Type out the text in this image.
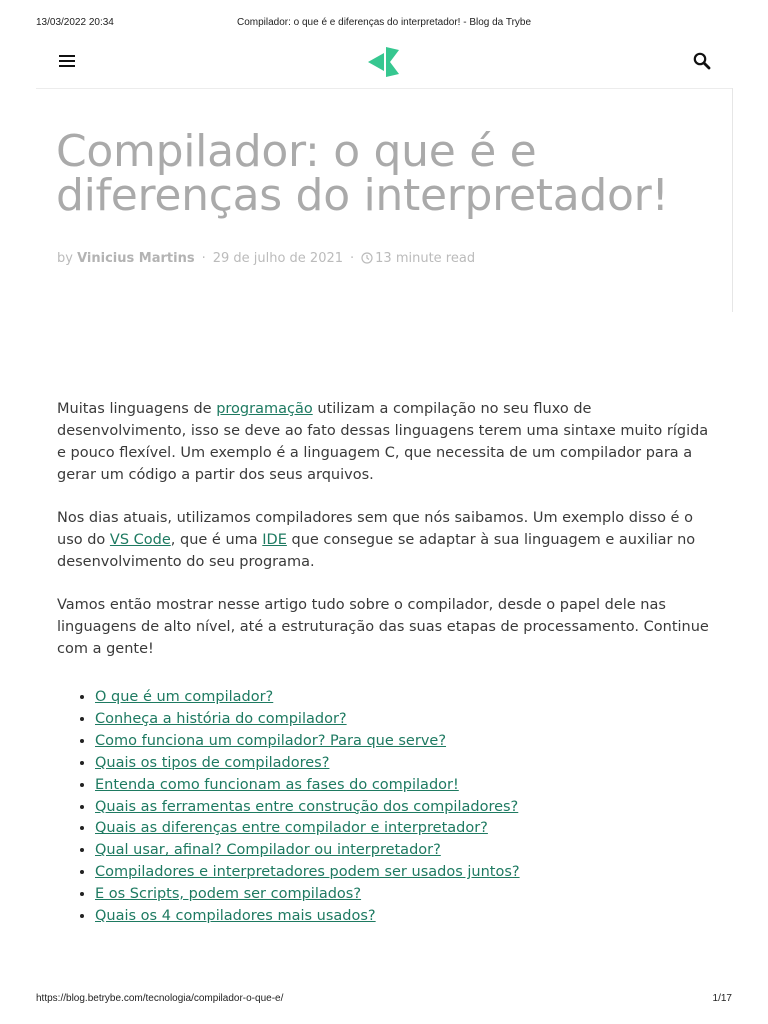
13/03/2022 20:34	Compilador: o que é e diferenças do interpretador! - Blog da Trybe
Compilador: o que é e diferenças do interpretador!
by Vinicius Martins · 29 de julho de 2021 · 13 minute read

Muitas linguagens de programação utilizam a compilação no seu fluxo de desenvolvimento, isso se deve ao fato dessas linguagens terem uma sintaxe muito rígida e pouco flexível. Um exemplo é a linguagem C, que necessita de um compilador para a gerar um código a partir dos seus arquivos.

Nos dias atuais, utilizamos compiladores sem que nós saibamos. Um exemplo disso é o uso do VS Code, que é uma IDE que consegue se adaptar à sua linguagem e auxiliar no desenvolvimento do seu programa.

Vamos então mostrar nesse artigo tudo sobre o compilador, desde o papel dele nas linguagens de alto nível, até a estruturação das suas etapas de processamento. Continue com a gente!

• O que é um compilador?
• Conheça a história do compilador?
• Como funciona um compilador? Para que serve?
• Quais os tipos de compiladores?
• Entenda como funcionam as fases do compilador!
• Quais as ferramentas entre construção dos compiladores?
• Quais as diferenças entre compilador e interpretador?
• Qual usar, afinal? Compilador ou interpretador?
• Compiladores e interpretadores podem ser usados juntos?
• E os Scripts, podem ser compilados?
• Quais os 4 compiladores mais usados?
https://blog.betrybe.com/tecnologia/compilador-o-que-e/	1/17
